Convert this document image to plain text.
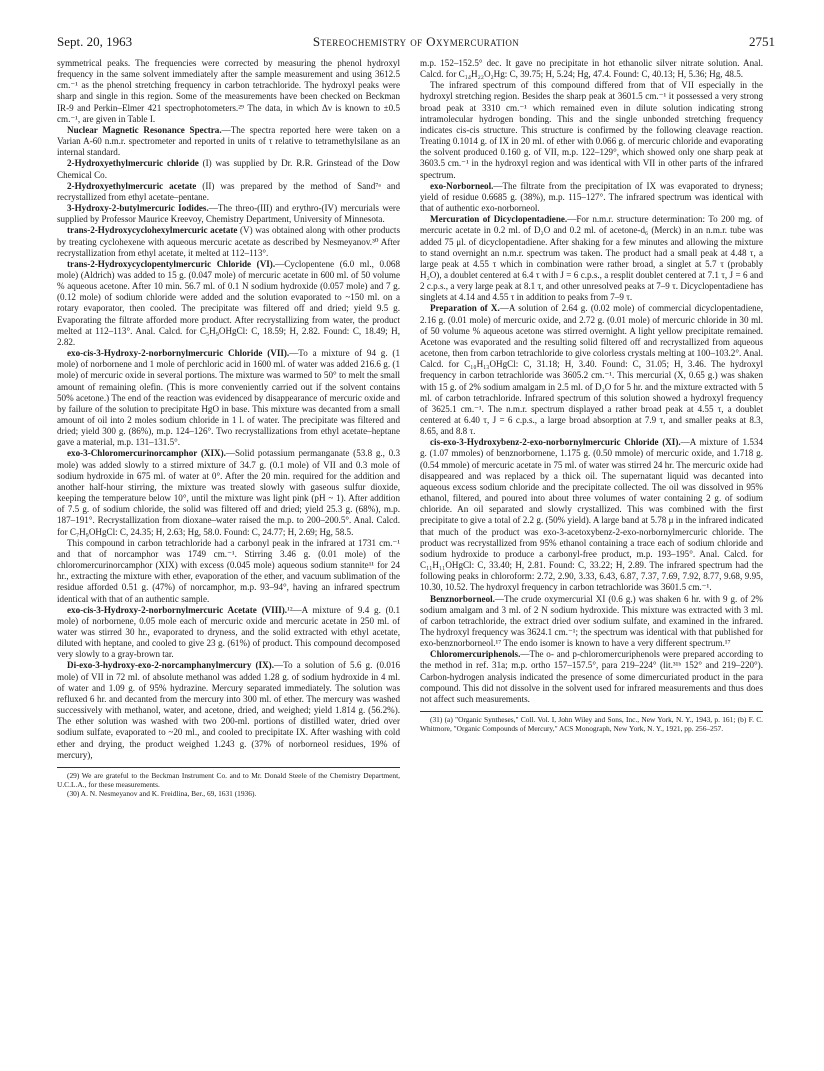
Sept. 20, 1963	Stereochemistry of Oxymercuration	2751

symmetrical peaks. The frequencies were corrected by measuring the phenol hydroxyl frequency in the same solvent immediately after the sample measurement and using 3612.5 cm.⁻¹ as the phenol stretching frequency in carbon tetrachloride. The hydroxyl peaks were sharp and single in this region. Some of the measurements have been checked on Beckman IR-9 and Perkin–Elmer 421 spectrophotometers.²⁹ The data, in which Δν is known to ±0.5 cm.⁻¹, are given in Table I.

Nuclear Magnetic Resonance Spectra.—The spectra reported here were taken on a Varian A-60 n.m.r. spectrometer and reported in units of τ relative to tetramethylsilane as an internal standard.

2-Hydroxyethylmercuric chloride (I) was supplied by Dr. R.R. Grinstead of the Dow Chemical Co.

2-Hydroxyethylmercuric acetate (II) was prepared by the method of Sand⁷ᵃ and recrystallized from ethyl acetate–pentane.

3-Hydroxy-2-butylmercuric Iodides.—The threo-(III) and erythro-(IV) mercurials were supplied by Professor Maurice Kreevoy, Chemistry Department, University of Minnesota.

trans-2-Hydroxycyclohexylmercuric acetate (V) was obtained along with other products by treating cyclohexene with aqueous mercuric acetate as described by Nesmeyanov.³⁰ After recrystallization from ethyl acetate, it melted at 112–113°.

trans-2-Hydroxycyclopentylmercuric Chloride (VI).—Cyclopentene (6.0 ml., 0.068 mole) (Aldrich) was added to 15 g. (0.047 mole) of mercuric acetate in 600 ml. of 50 volume % aqueous acetone. After 10 min. 56.7 ml. of 0.1 N sodium hydroxide (0.057 mole) and 7 g. (0.12 mole) of sodium chloride were added and the solution evaporated to ~150 ml. on a rotary evaporator, then cooled. The precipitate was filtered off and dried; yield 9.5 g. Evaporating the filtrate afforded more product. After recrystallizing from water, the product melted at 112–113°. Anal. Calcd. for C₅H₉OHgCl: C, 18.59; H, 2.82. Found: C, 18.49; H, 2.82.

exo-cis-3-Hydroxy-2-norbornylmercuric Chloride (VII).—To a mixture of 94 g. (1 mole) of norbornene and 1 mole of perchloric acid in 1600 ml. of water was added 216.6 g. (1 mole) of mercuric oxide in several portions. The mixture was warmed to 50° to melt the small amount of remaining olefin. (This is more conveniently carried out if the solvent contains 50% acetone.) The end of the reaction was evidenced by disappearance of mercuric oxide and by failure of the solution to precipitate HgO in base. This mixture was decanted from a small amount of oil into 2 moles sodium chloride in 1 l. of water. The precipitate was filtered and dried; yield 300 g. (86%), m.p. 124–126°. Two recrystallizations from ethyl acetate–heptane gave a material, m.p. 131–131.5°.

exo-3-Chloromercurinorcamphor (XIX).—Solid potassium permanganate (53.8 g., 0.3 mole) was added slowly to a stirred mixture of 34.7 g. (0.1 mole) of VII and 0.3 mole of sodium hydroxide in 675 ml. of water at 0°. After the 20 min. required for the addition and another half-hour stirring, the mixture was treated slowly with gaseous sulfur dioxide, keeping the temperature below 10°, until the mixture was light pink (pH ~ 1). After addition of 7.5 g. of sodium chloride, the solid was filtered off and dried; yield 25.3 g. (68%), m.p. 187–191°. Recrystallization from dioxane–water raised the m.p. to 200–200.5°. Anal. Calcd. for C₇H₉OHgCl: C, 24.35; H, 2.63; Hg, 58.0. Found: C, 24.77; H, 2.69; Hg, 58.5.

This compound in carbon tetrachloride had a carbonyl peak in the infrared at 1731 cm.⁻¹ and that of norcamphor was 1749 cm.⁻¹. Stirring 3.46 g. (0.01 mole) of the chloromercurinorcamphor (XIX) with excess (0.045 mole) aqueous sodium stannite¹¹ for 24 hr., extracting the mixture with ether, evaporation of the ether, and vacuum sublimation of the residue afforded 0.51 g. (47%) of norcamphor, m.p. 93–94°, having an infrared spectrum identical with that of an authentic sample.

exo-cis-3-Hydroxy-2-norbornylmercuric Acetate (VIII).¹²—A mixture of 9.4 g. (0.1 mole) of norbornene, 0.05 mole each of mercuric oxide and mercuric acetate in 250 ml. of water was stirred 30 hr., evaporated to dryness, and the solid extracted with ethyl acetate, diluted with heptane, and cooled to give 23 g. (61%) of product. This compound decomposed very slowly to a gray-brown tar.

Di-exo-3-hydroxy-exo-2-norcamphanylmercury (IX).—To a solution of 5.6 g. (0.016 mole) of VII in 72 ml. of absolute methanol was added 1.28 g. of sodium hydroxide in 4 ml. of water and 1.09 g. of 95% hydrazine. Mercury separated immediately. The solution was refluxed 6 hr. and decanted from the mercury into 300 ml. of ether. The mercury was washed successively with methanol, water, and acetone, dried, and weighed; yield 1.814 g. (56.2%). The ether solution was washed with two 200-ml. portions of distilled water, dried over sodium sulfate, evaporated to ~20 ml., and cooled to precipitate IX. After washing with cold ether and drying, the product weighed 1.243 g. (37% of norborneol residues, 19% of mercury),

(29) We are grateful to the Beckman Instrument Co. and to Mr. Donald Steele of the Chemistry Department, U.C.L.A., for these measurements.

(30) A. N. Nesmeyanov and K. Freidlina, Ber., 69, 1631 (1936).

m.p. 152–152.5° dec. It gave no precipitate in hot ethanolic silver nitrate solution. Anal. Calcd. for C₁₄H₂₂O₂Hg: C, 39.75; H, 5.24; Hg, 47.4. Found: C, 40.13; H, 5.36; Hg, 48.5.

The infrared spectrum of this compound differed from that of VII especially in the hydroxyl stretching region. Besides the sharp peak at 3601.5 cm.⁻¹ it possessed a very strong broad peak at 3310 cm.⁻¹ which remained even in dilute solution indicating strong intramolecular hydrogen bonding. This and the single unbonded stretching frequency indicates cis-cis structure. This structure is confirmed by the following cleavage reaction. Treating 0.1014 g. of IX in 20 ml. of ether with 0.066 g. of mercuric chloride and evaporating the solvent produced 0.160 g. of VII, m.p. 122–129°, which showed only one sharp peak at 3603.5 cm.⁻¹ in the hydroxyl region and was identical with VII in other parts of the infrared spectrum.

exo-Norborneol.—The filtrate from the precipitation of IX was evaporated to dryness; yield of residue 0.6685 g. (38%), m.p. 115–127°. The infrared spectrum was identical with that of authentic exo-norborneol.

Mercuration of Dicyclopentadiene.—For n.m.r. structure determination: To 200 mg. of mercuric acetate in 0.2 ml. of D₂O and 0.2 ml. of acetone-d₆ (Merck) in an n.m.r. tube was added 75 μl. of dicyclopentadiene. After shaking for a few minutes and allowing the mixture to stand overnight an n.m.r. spectrum was taken. The product had a small peak at 4.48 τ, a large peak at 4.55 τ which in combination were rather broad, a singlet at 5.7 τ (probably H₂O), a doublet centered at 6.4 τ with J = 6 c.p.s., a resplit doublet centered at 7.1 τ, J = 6 and 2 c.p.s., a very large peak at 8.1 τ, and other unresolved peaks at 7–9 τ. Dicyclopentadiene has singlets at 4.14 and 4.55 τ in addition to peaks from 7–9 τ.

Preparation of X.—A solution of 2.64 g. (0.02 mole) of commercial dicyclopentadiene, 2.16 g. (0.01 mole) of mercuric oxide, and 2.72 g. (0.01 mole) of mercuric chloride in 30 ml. of 50 volume % aqueous acetone was stirred overnight. A light yellow precipitate remained. Acetone was evaporated and the resulting solid filtered off and recrystallized from aqueous acetone, then from carbon tetrachloride to give colorless crystals melting at 100–103.2°. Anal. Calcd. for C₁₀H₁₃OHgCl: C, 31.18; H, 3.40. Found: C, 31.05; H, 3.46. The hydroxyl frequency in carbon tetrachloride was 3605.2 cm.⁻¹. This mercurial (X, 0.65 g.) was shaken with 15 g. of 2% sodium amalgam in 2.5 ml. of D₂O for 5 hr. and the mixture extracted with 5 ml. of carbon tetrachloride. Infrared spectrum of this solution showed a hydroxyl frequency of 3625.1 cm.⁻¹. The n.m.r. spectrum displayed a rather broad peak at 4.55 τ, a doublet centered at 6.40 τ, J = 6 c.p.s., a large broad absorption at 7.9 τ, and smaller peaks at 8.3, 8.65, and 8.8 τ.

cis-exo-3-Hydroxybenz-2-exo-norbornylmercuric Chloride (XI).—A mixture of 1.534 g. (1.07 mmoles) of benznorbornene, 1.175 g. (0.50 mmole) of mercuric oxide, and 1.718 g. (0.54 mmole) of mercuric acetate in 75 ml. of water was stirred 24 hr. The mercuric oxide had disappeared and was replaced by a thick oil. The supernatant liquid was decanted into aqueous excess sodium chloride and the precipitate collected. The oil was dissolved in 95% ethanol, filtered, and poured into about three volumes of water containing 2 g. of sodium chloride. An oil separated and slowly crystallized. This was combined with the first precipitate to give a total of 2.2 g. (50% yield). A large band at 5.78 μ in the infrared indicated that much of the product was exo-3-acetoxybenz-2-exo-norbornylmercuric chloride. The product was recrystallized from 95% ethanol containing a trace each of sodium chloride and sodium hydroxide to produce a carbonyl-free product, m.p. 193–195°. Anal. Calcd. for C₁₁H₁₁OHgCl: C, 33.40; H, 2.81. Found: C, 33.22; H, 2.89. The infrared spectrum had the following peaks in chloroform: 2.72, 2.90, 3.33, 6.43, 6.87, 7.37, 7.69, 7.92, 8.77, 9.68, 9.95, 10.30, 10.52. The hydroxyl frequency in carbon tetrachloride was 3601.5 cm.⁻¹.

Benznorborneol.—The crude oxymercurial XI (0.6 g.) was shaken 6 hr. with 9 g. of 2% sodium amalgam and 3 ml. of 2 N sodium hydroxide. This mixture was extracted with 3 ml. of carbon tetrachloride, the extract dried over sodium sulfate, and examined in the infrared. The hydroxyl frequency was 3624.1 cm.⁻¹; the spectrum was identical with that published for exo-benznorborneol.¹⁷ The endo isomer is known to have a very different spectrum.¹⁷

Chloromercuriphenols.—The o- and p-chloromercuriphenols were prepared according to the method in ref. 31a; m.p. ortho 157–157.5°, para 219–224° (lit.³¹ᵇ 152° and 219–220°). Carbon-hydrogen analysis indicated the presence of some dimercuriated product in the para compound. This did not dissolve in the solvent used for infrared measurements and thus does not affect such measurements.

(31) (a) "Organic Syntheses," Coll. Vol. I, John Wiley and Sons, Inc., New York, N. Y., 1943, p. 161; (b) F. C. Whitmore, "Organic Compounds of Mercury," ACS Monograph, New York, N. Y., 1921, pp. 256–257.
